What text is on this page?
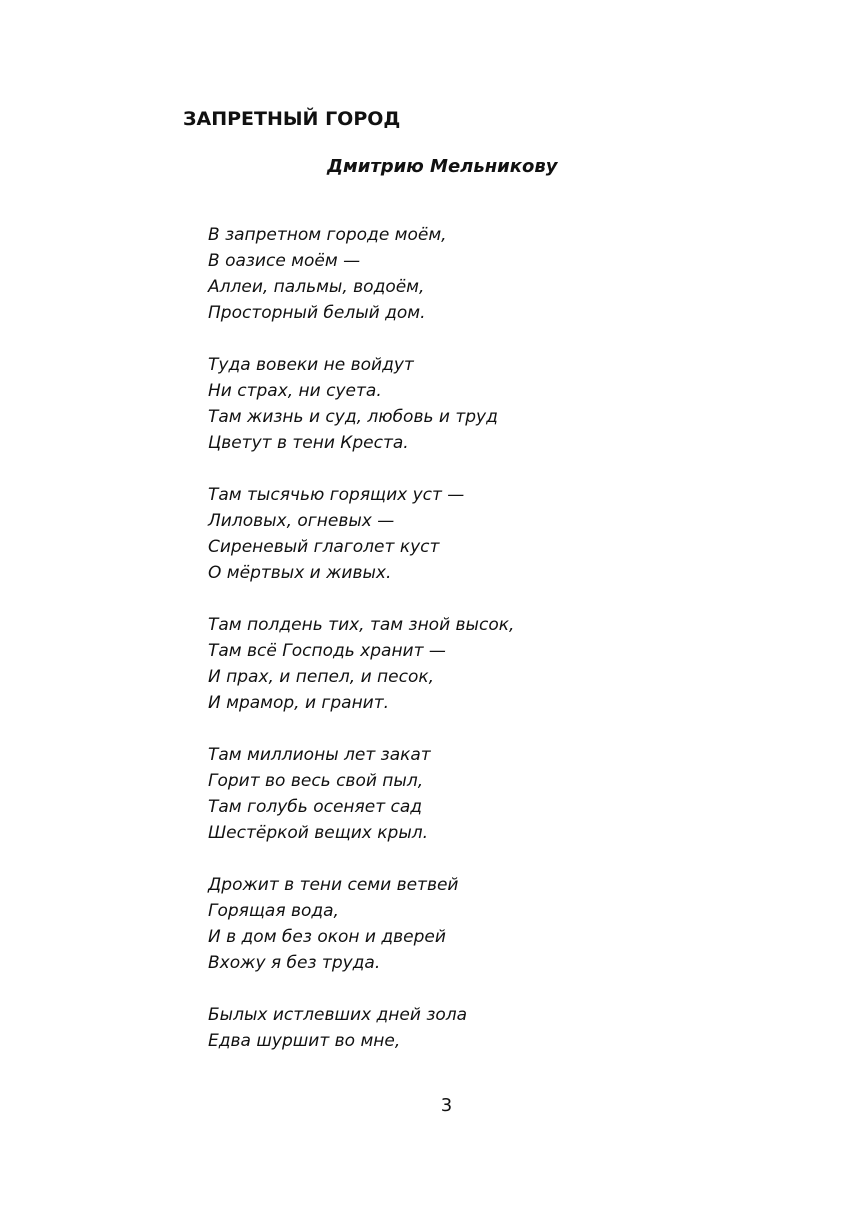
ЗАПРЕТНЫЙ ГОРОД
Дмитрию Мельникову
В запретном городе моём,
В оазисе моём —
Аллеи, пальмы, водоём,
Просторный белый дом.
Туда вовеки не войдут
Ни страх, ни суета.
Там жизнь и суд, любовь и труд
Цветут в тени Креста.
Там тысячью горящих уст —
Лиловых, огневых —
Сиреневый глаголет куст
О мёртвых и живых.
Там полдень тих, там зной высок,
Там всё Господь хранит —
И прах, и пепел, и песок,
И мрамор, и гранит.
Там миллионы лет закат
Горит во весь свой пыл,
Там голубь осеняет сад
Шестёркой вещих крыл.
Дрожит в тени семи ветвей
Горящая вода,
И в дом без окон и дверей
Вхожу я без труда.
Былых истлевших дней зола
Едва шуршит во мне,
3
